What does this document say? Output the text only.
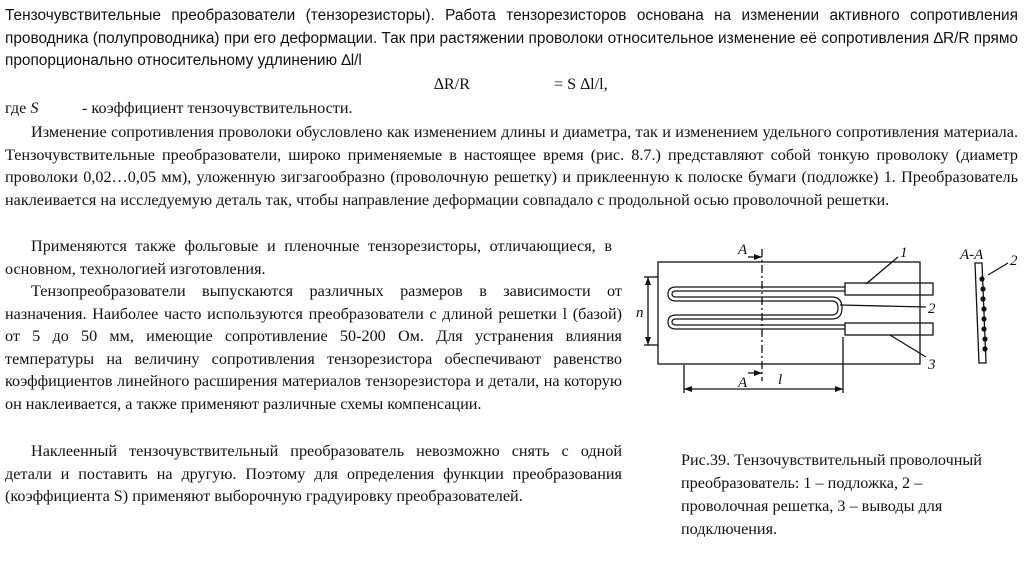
Тензочувствительные преобразователи (тензорезисторы). Работа тензорезисторов основана на изменении активного сопротивления проводника (полупроводника) при его деформации. Так при растяжении проволоки относительное изменение её сопротивления ∆R/R прямо пропорционально относительному удлинению ∆l/l

∆R/R	= S ∆l/l,
где S	- коэффициент тензочувствительности.

Изменение сопротивления проволоки обусловлено как изменением длины и диаметра, так и изменением удельного сопротивления материала. Тензочувствительные преобразователи, широко применяемые в настоящее время (рис. 8.7.) представляют собой тонкую проволоку (диаметр проволоки 0,02…0,05 мм), уложенную зигзагообразно (проволочную решетку) и приклеенную к полоске бумаги (подложке) 1. Преобразователь наклеивается на исследуемую деталь так, чтобы направление деформации совпадало с продольной осью проволочной решетки.

Применяются также фольговые и пленочные тензорезисторы, отличающиеся, в основном, технологией изготовления.

Тензопреобразователи выпускаются различных размеров в зависимости от назначения. Наиболее часто используются преобразователи с длиной решетки l (базой) от 5 до 50 мм, имеющие сопротивление 50-200 Ом. Для устранения влияния температуры на величину сопротивления тензорезистора обеспечивают равенство коэффициентов линейного расширения материалов тензорезистора и детали, на которую он наклеивается, а также применяют различные схемы компенсации.

Наклеенный тензочувствительный преобразователь невозможно снять с одной детали и поставить на другую. Поэтому для определения функции преобразования (коэффициента S) применяют выборочную градуировку преобразователей.

Рис.39. Тензочувствительный проволочный преобразователь: 1 – подложка, 2 – проволочная решетка, 3 – выводы для подключения.

A
A
А-А
1
2
3
2
n
l
